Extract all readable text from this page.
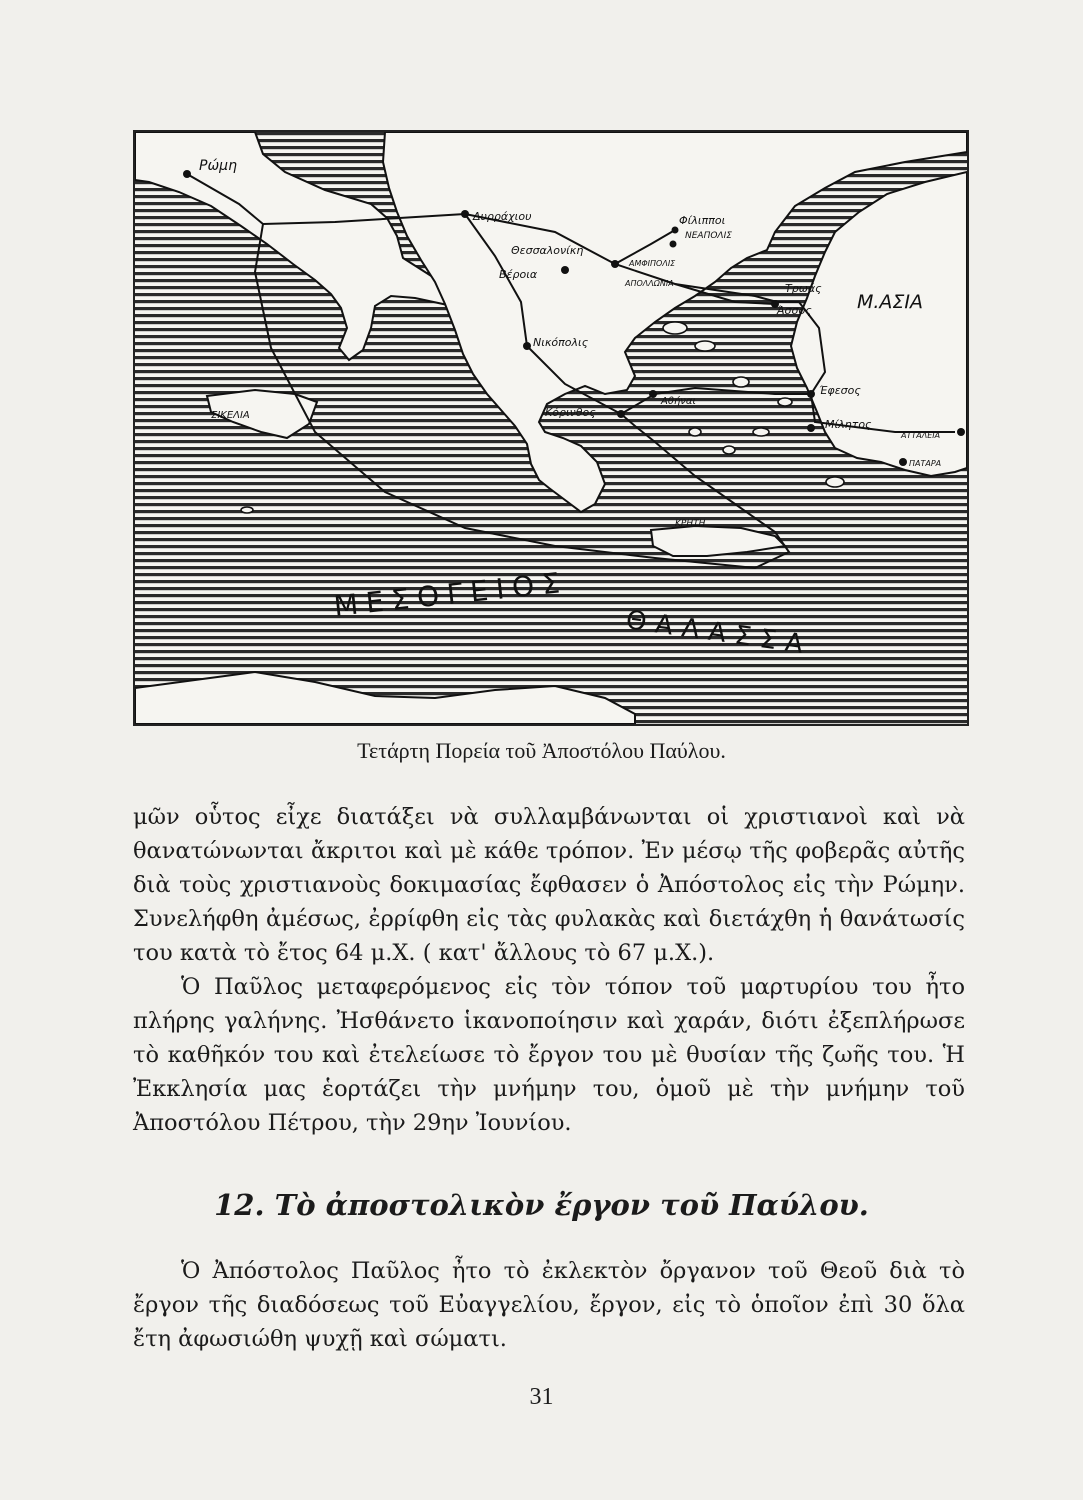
Ρώμη
Δυρράχιου	Φίλιπποι
ΝΕΑΠΟΛΙΣ
Θεσσαλονίκη
Βέροια
ΑΜΦΙΠΟΛΙΣ
ΑΠΟΛΛΩΝΙΑ	Τρωάς
Άσσος Μ.ΑΣΙΑ
Νικόπολις
ΣΙΚΕΛΙΑ	Κόρινθος
Αθήναι
Έφεσος
Μίλητος
ΑΤΤΑΛΕΙΑ
ΠΑΤΑΡΑ
ΚΡΗΤΗ
ΜΕΣΟΓΕΙΟΣ
ΘΑΛΑΣΣΑ
Τετάρτη Πορεία τοῦ Ἀποστόλου Παύλου.

μῶν οὗτος εἶχε διατάξει νὰ συλλαμβάνωνται οἱ χριστιανοὶ καὶ νὰ θανατώνωνται ἄκριτοι καὶ μὲ κάθε τρόπον. Ἐν μέσῳ τῆς φοβερᾶς αὐτῆς διὰ τοὺς χριστιανοὺς δοκιμασίας ἔφθασεν ὁ Ἀπόστολος εἰς τὴν Ρώμην. Συνελήφθη ἀμέσως, ἐρρίφθη εἰς τὰς φυλακὰς καὶ διετάχθη ἡ θανάτωσίς του κατὰ τὸ ἔτος 64 μ.Χ. ( κατ' ἄλλους τὸ 67 μ.Χ.).

Ὁ Παῦλος μεταφερόμενος εἰς τὸν τόπον τοῦ μαρτυρίου του ἦτο πλήρης γαλήνης. Ἠσθάνετο ἱκανοποίησιν καὶ χαράν, διότι ἐξεπλήρωσε τὸ καθῆκόν του καὶ ἐτελείωσε τὸ ἔργον του μὲ θυσίαν τῆς ζωῆς του. Ἡ Ἐκκλησία μας ἑορτάζει τὴν μνήμην του, ὁμοῦ μὲ τὴν μνήμην τοῦ Ἀποστόλου Πέτρου, τὴν 29ην Ἰουνίου.

12. Τὸ ἀποστολικὸν ἔργον τοῦ Παύλου.

Ὁ Ἀπόστολος Παῦλος ἦτο τὸ ἐκλεκτὸν ὄργανον τοῦ Θεοῦ διὰ τὸ ἔργον τῆς διαδόσεως τοῦ Εὐαγγελίου, ἔργον, εἰς τὸ ὁποῖον ἐπὶ 30 ὅλα ἔτη ἀφωσιώθη ψυχῇ καὶ σώματι.

31
